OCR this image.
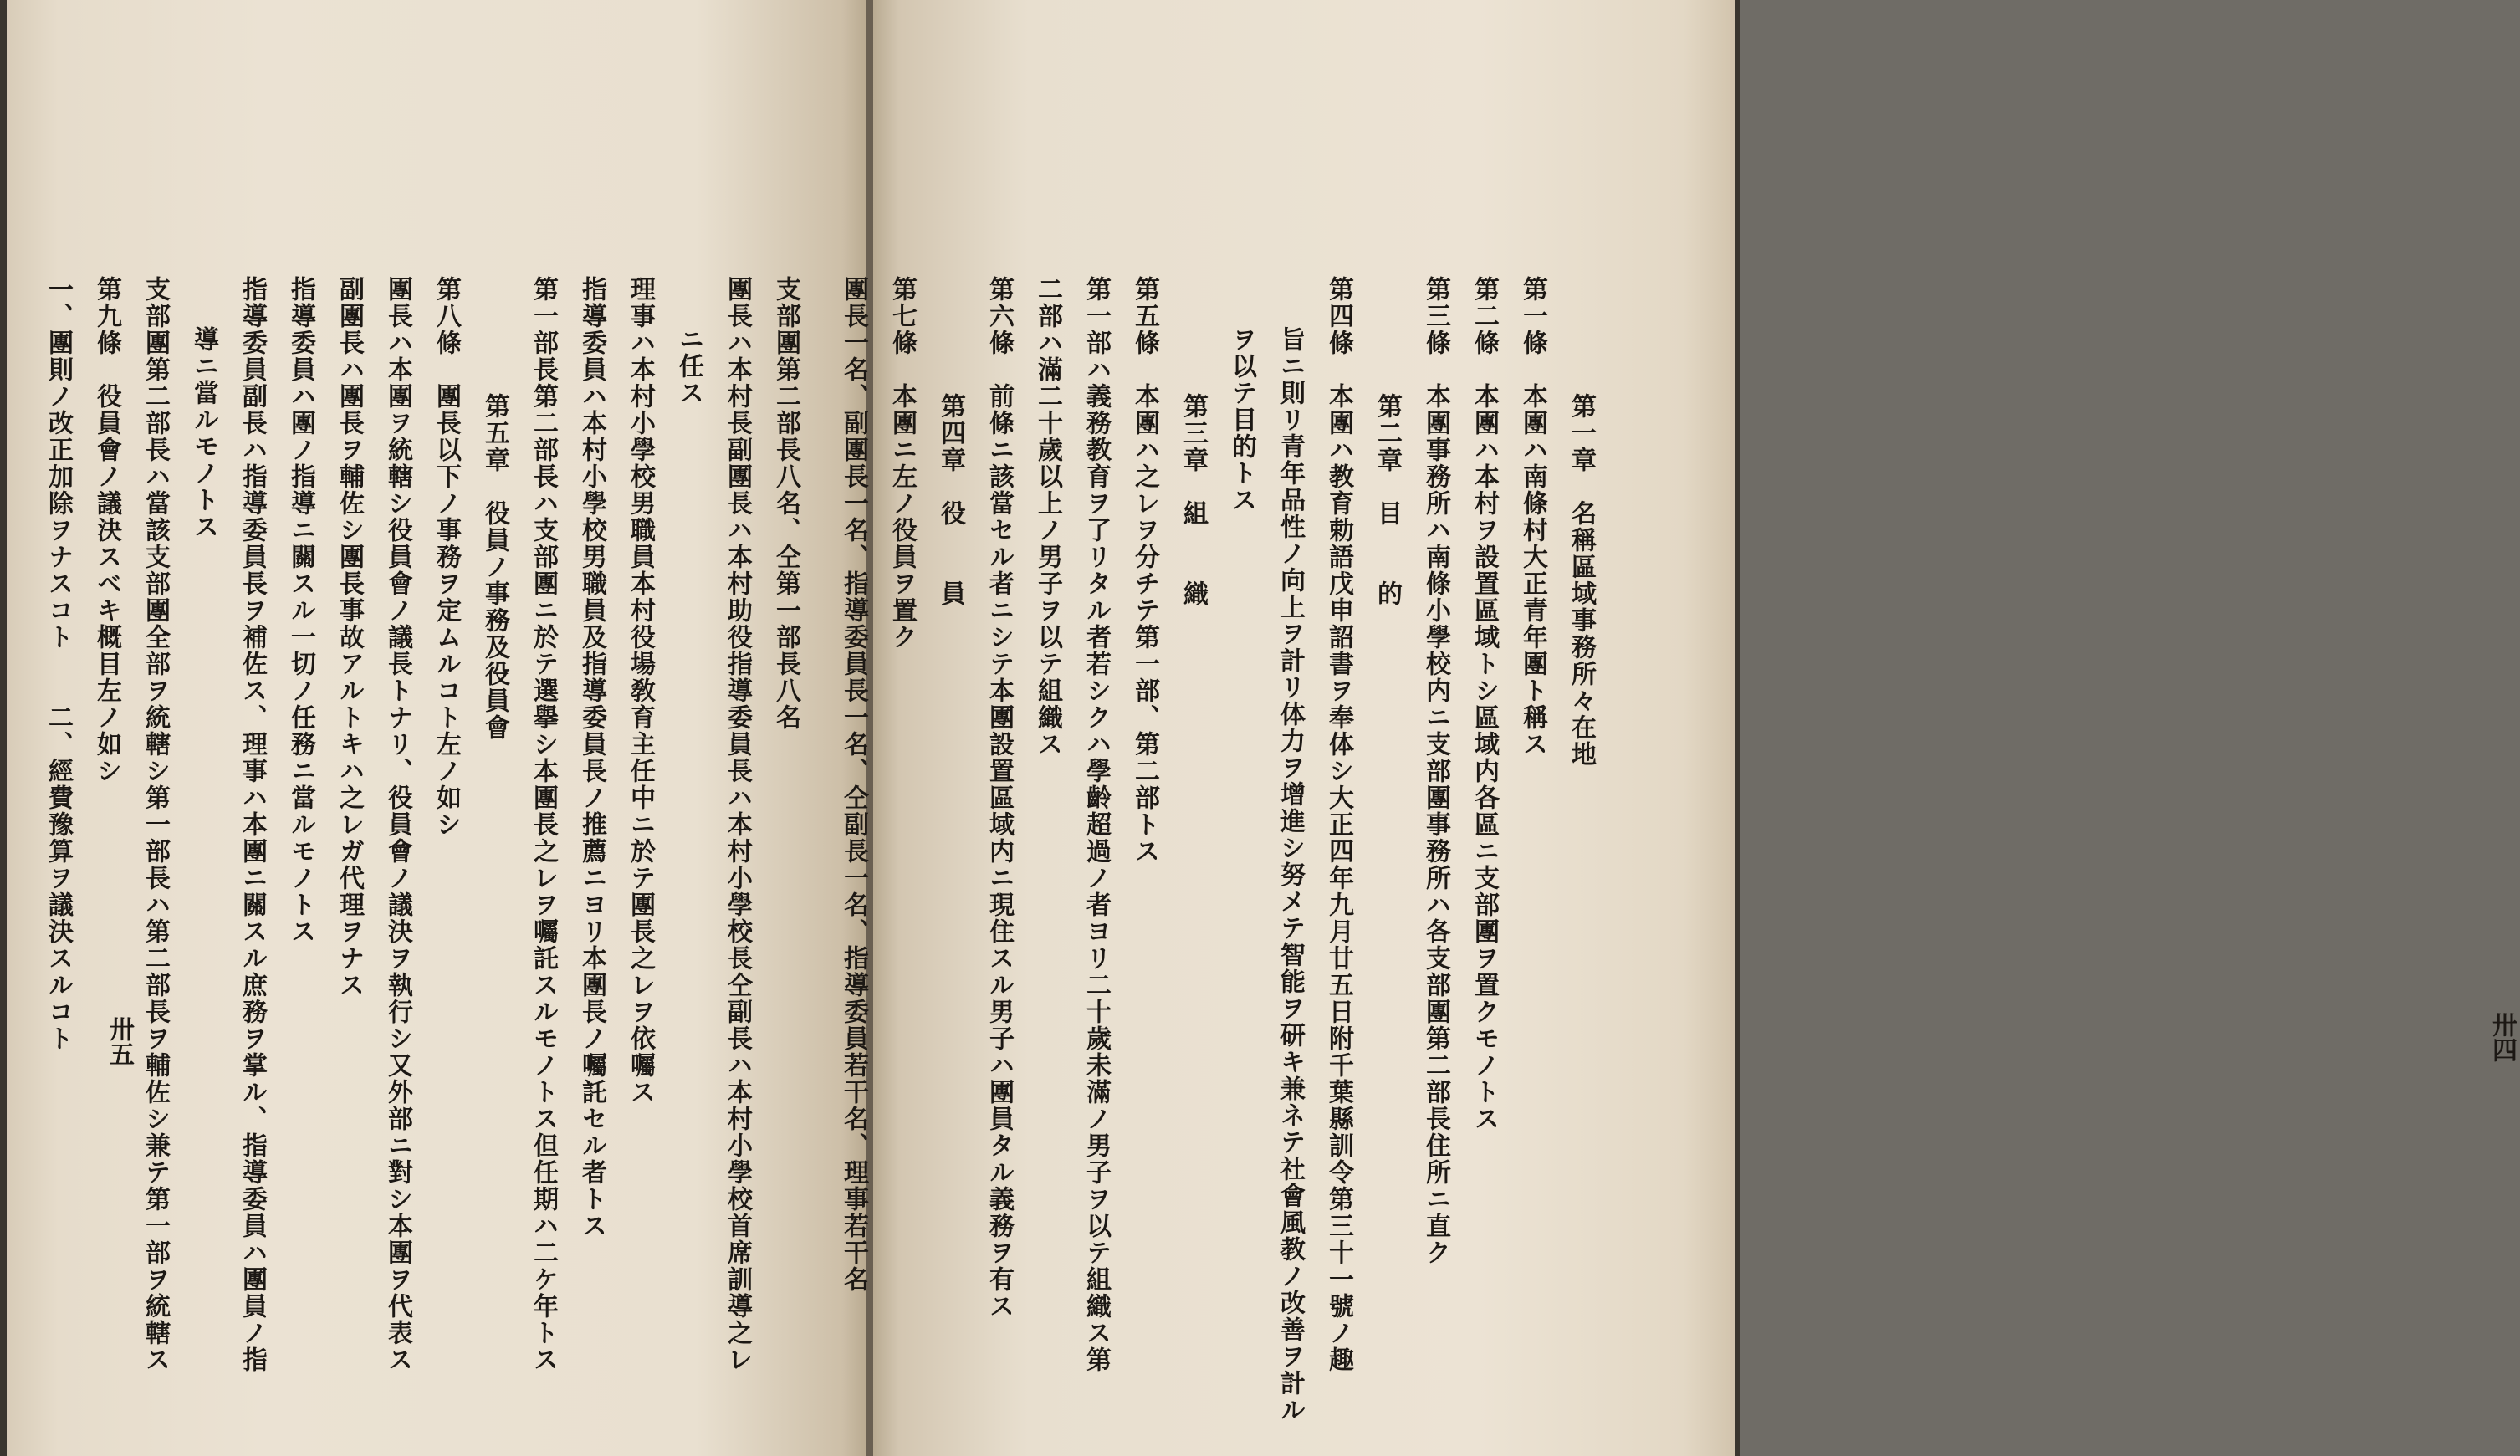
支部團第二部長八名、仝第一部長八名
團長ハ本村長副團長ハ本村助役指導委員長ハ本村小學校長仝副長ハ本村小學校首席訓導之レ
ニ任ス
理事ハ本村小學校男職員本村役場敎育主任中ニ於テ團長之レヲ依囑ス
指導委員ハ本村小學校男職員及指導委員長ノ推薦ニヨリ本團長ノ囑託セル者トス
第一部長第二部長ハ支部團ニ於テ選擧シ本團長之レヲ囑託スルモノトス但任期ハ二ケ年トス
第五章　役員ノ事務及役員會
第八條　團長以下ノ事務ヲ定ムルコト左ノ如シ
團長ハ本團ヲ統轄シ役員會ノ議長トナリ、役員會ノ議決ヲ執行シ又外部ニ對シ本團ヲ代表ス
副團長ハ團長ヲ輔佐シ團長事故アルトキハ之レガ代理ヲナス
指導委員ハ團ノ指導ニ關スル一切ノ任務ニ當ルモノトス
指導委員副長ハ指導委員長ヲ補佐ス、理事ハ本團ニ關スル庶務ヲ掌ル、指導委員ハ團員ノ指
導ニ當ルモノトス
支部團第二部長ハ當該支部團全部ヲ統轄シ第一部長ハ第二部長ヲ輔佐シ兼テ第一部ヲ統轄ス
第九條　役員會ノ議決スベキ概目左ノ如シ
一、團則ノ改正加除ヲナスコト　　二、經費豫算ヲ議決スルコト	卅五
第一章　名稱區域事務所々在地
第一條　本團ハ南條村大正青年團ト稱ス
第二條　本團ハ本村ヲ設置區域トシ區域内各區ニ支部團ヲ置クモノトス
第三條　本團事務所ハ南條小學校内ニ支部團事務所ハ各支部團第二部長住所ニ直ク
第二章　目　　的
第四條　本團ハ教育勅語戊申詔書ヲ奉体シ大正四年九月廿五日附千葉縣訓令第三十一號ノ趣
旨ニ則リ青年品性ノ向上ヲ計リ体力ヲ增進シ努メテ智能ヲ研キ兼ネテ社會風教ノ改善ヲ計ル
ヲ以テ目的トス
第三章　組　　織
第五條　本團ハ之レヲ分チテ第一部、第二部トス
第一部ハ義務教育ヲ了リタル者若シクハ學齡超過ノ者ヨリ二十歲未滿ノ男子ヲ以テ組織ス第
二部ハ滿二十歲以上ノ男子ヲ以テ組織ス
第六條　前條ニ該當セル者ニシテ本團設置區域内ニ現住スル男子ハ團員タル義務ヲ有ス
第四章　役　　員
第七條　本團ニ左ノ役員ヲ置ク
團長一名、副團長一名、指導委員長一名、仝副長一名、指導委員若干名、理事若干名	卅四
